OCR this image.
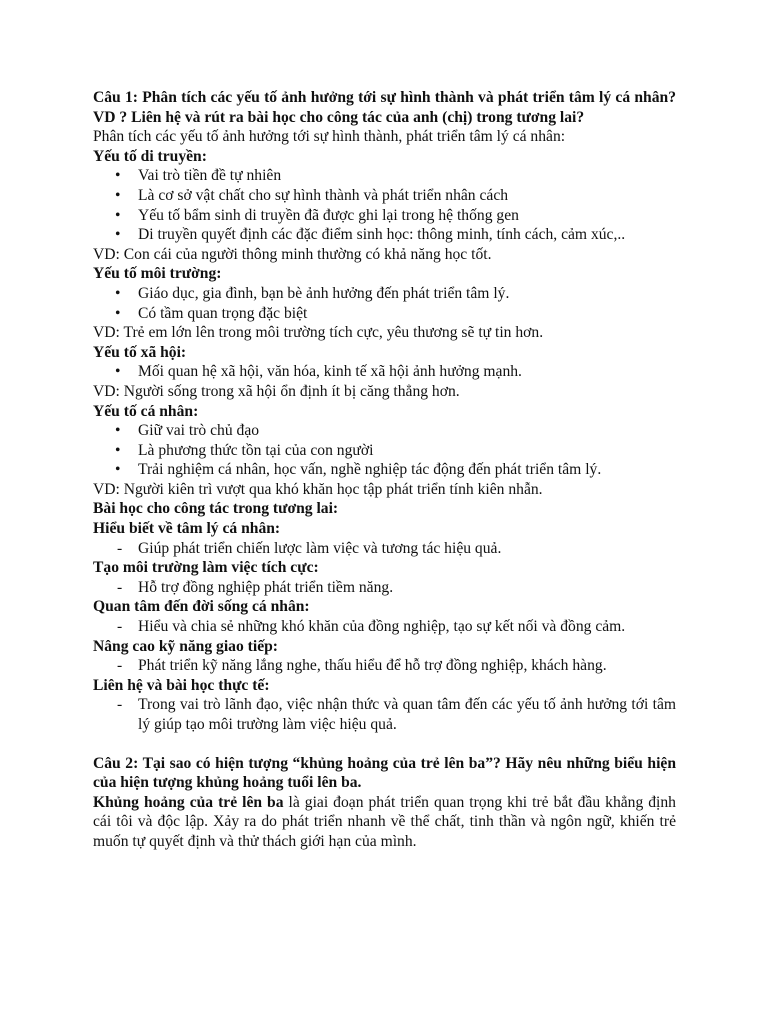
Câu 1: Phân tích các yếu tố ảnh hưởng tới sự hình thành và phát triển tâm lý cá nhân? VD ? Liên hệ và rút ra bài học cho công tác của anh (chị) trong tương lai?

Phân tích các yếu tố ảnh hưởng tới sự hình thành, phát triển tâm lý cá nhân:

Yếu tố di truyền:

• Vai trò tiền đề tự nhiên
• Là cơ sở vật chất cho sự hình thành và phát triển nhân cách
• Yếu tố bẩm sinh di truyền đã được ghi lại trong hệ thống gen
• Di truyền quyết định các đặc điểm sinh học: thông minh, tính cách, cảm xúc,..

VD: Con cái của người thông minh thường có khả năng học tốt.

Yếu tố môi trường:

• Giáo dục, gia đình, bạn bè ảnh hưởng đến phát triển tâm lý.
• Có tầm quan trọng đặc biệt

VD: Trẻ em lớn lên trong môi trường tích cực, yêu thương sẽ tự tin hơn.

Yếu tố xã hội:

• Mối quan hệ xã hội, văn hóa, kinh tế xã hội ảnh hưởng mạnh.

VD: Người sống trong xã hội ổn định ít bị căng thẳng hơn.

Yếu tố cá nhân:

• Giữ vai trò chủ đạo
• Là phương thức tồn tại của con người
• Trải nghiệm cá nhân, học vấn, nghề nghiệp tác động đến phát triển tâm lý.

VD: Người kiên trì vượt qua khó khăn học tập phát triển tính kiên nhẫn.

Bài học cho công tác trong tương lai:

Hiểu biết về tâm lý cá nhân:

- Giúp phát triển chiến lược làm việc và tương tác hiệu quả.

Tạo môi trường làm việc tích cực:

- Hỗ trợ đồng nghiệp phát triển tiềm năng.

Quan tâm đến đời sống cá nhân:

- Hiểu và chia sẻ những khó khăn của đồng nghiệp, tạo sự kết nối và đồng cảm.

Nâng cao kỹ năng giao tiếp:

- Phát triển kỹ năng lắng nghe, thấu hiểu để hỗ trợ đồng nghiệp, khách hàng.

Liên hệ và bài học thực tế:

- Trong vai trò lãnh đạo, việc nhận thức và quan tâm đến các yếu tố ảnh hưởng tới tâm lý giúp tạo môi trường làm việc hiệu quả.

Câu 2: Tại sao có hiện tượng “khủng hoảng của trẻ lên ba”? Hãy nêu những biểu hiện của hiện tượng khủng hoảng tuổi lên ba.

Khủng hoảng của trẻ lên ba là giai đoạn phát triển quan trọng khi trẻ bắt đầu khẳng định cái tôi và độc lập. Xảy ra do phát triển nhanh về thể chất, tinh thần và ngôn ngữ, khiến trẻ muốn tự quyết định và thử thách giới hạn của mình.
